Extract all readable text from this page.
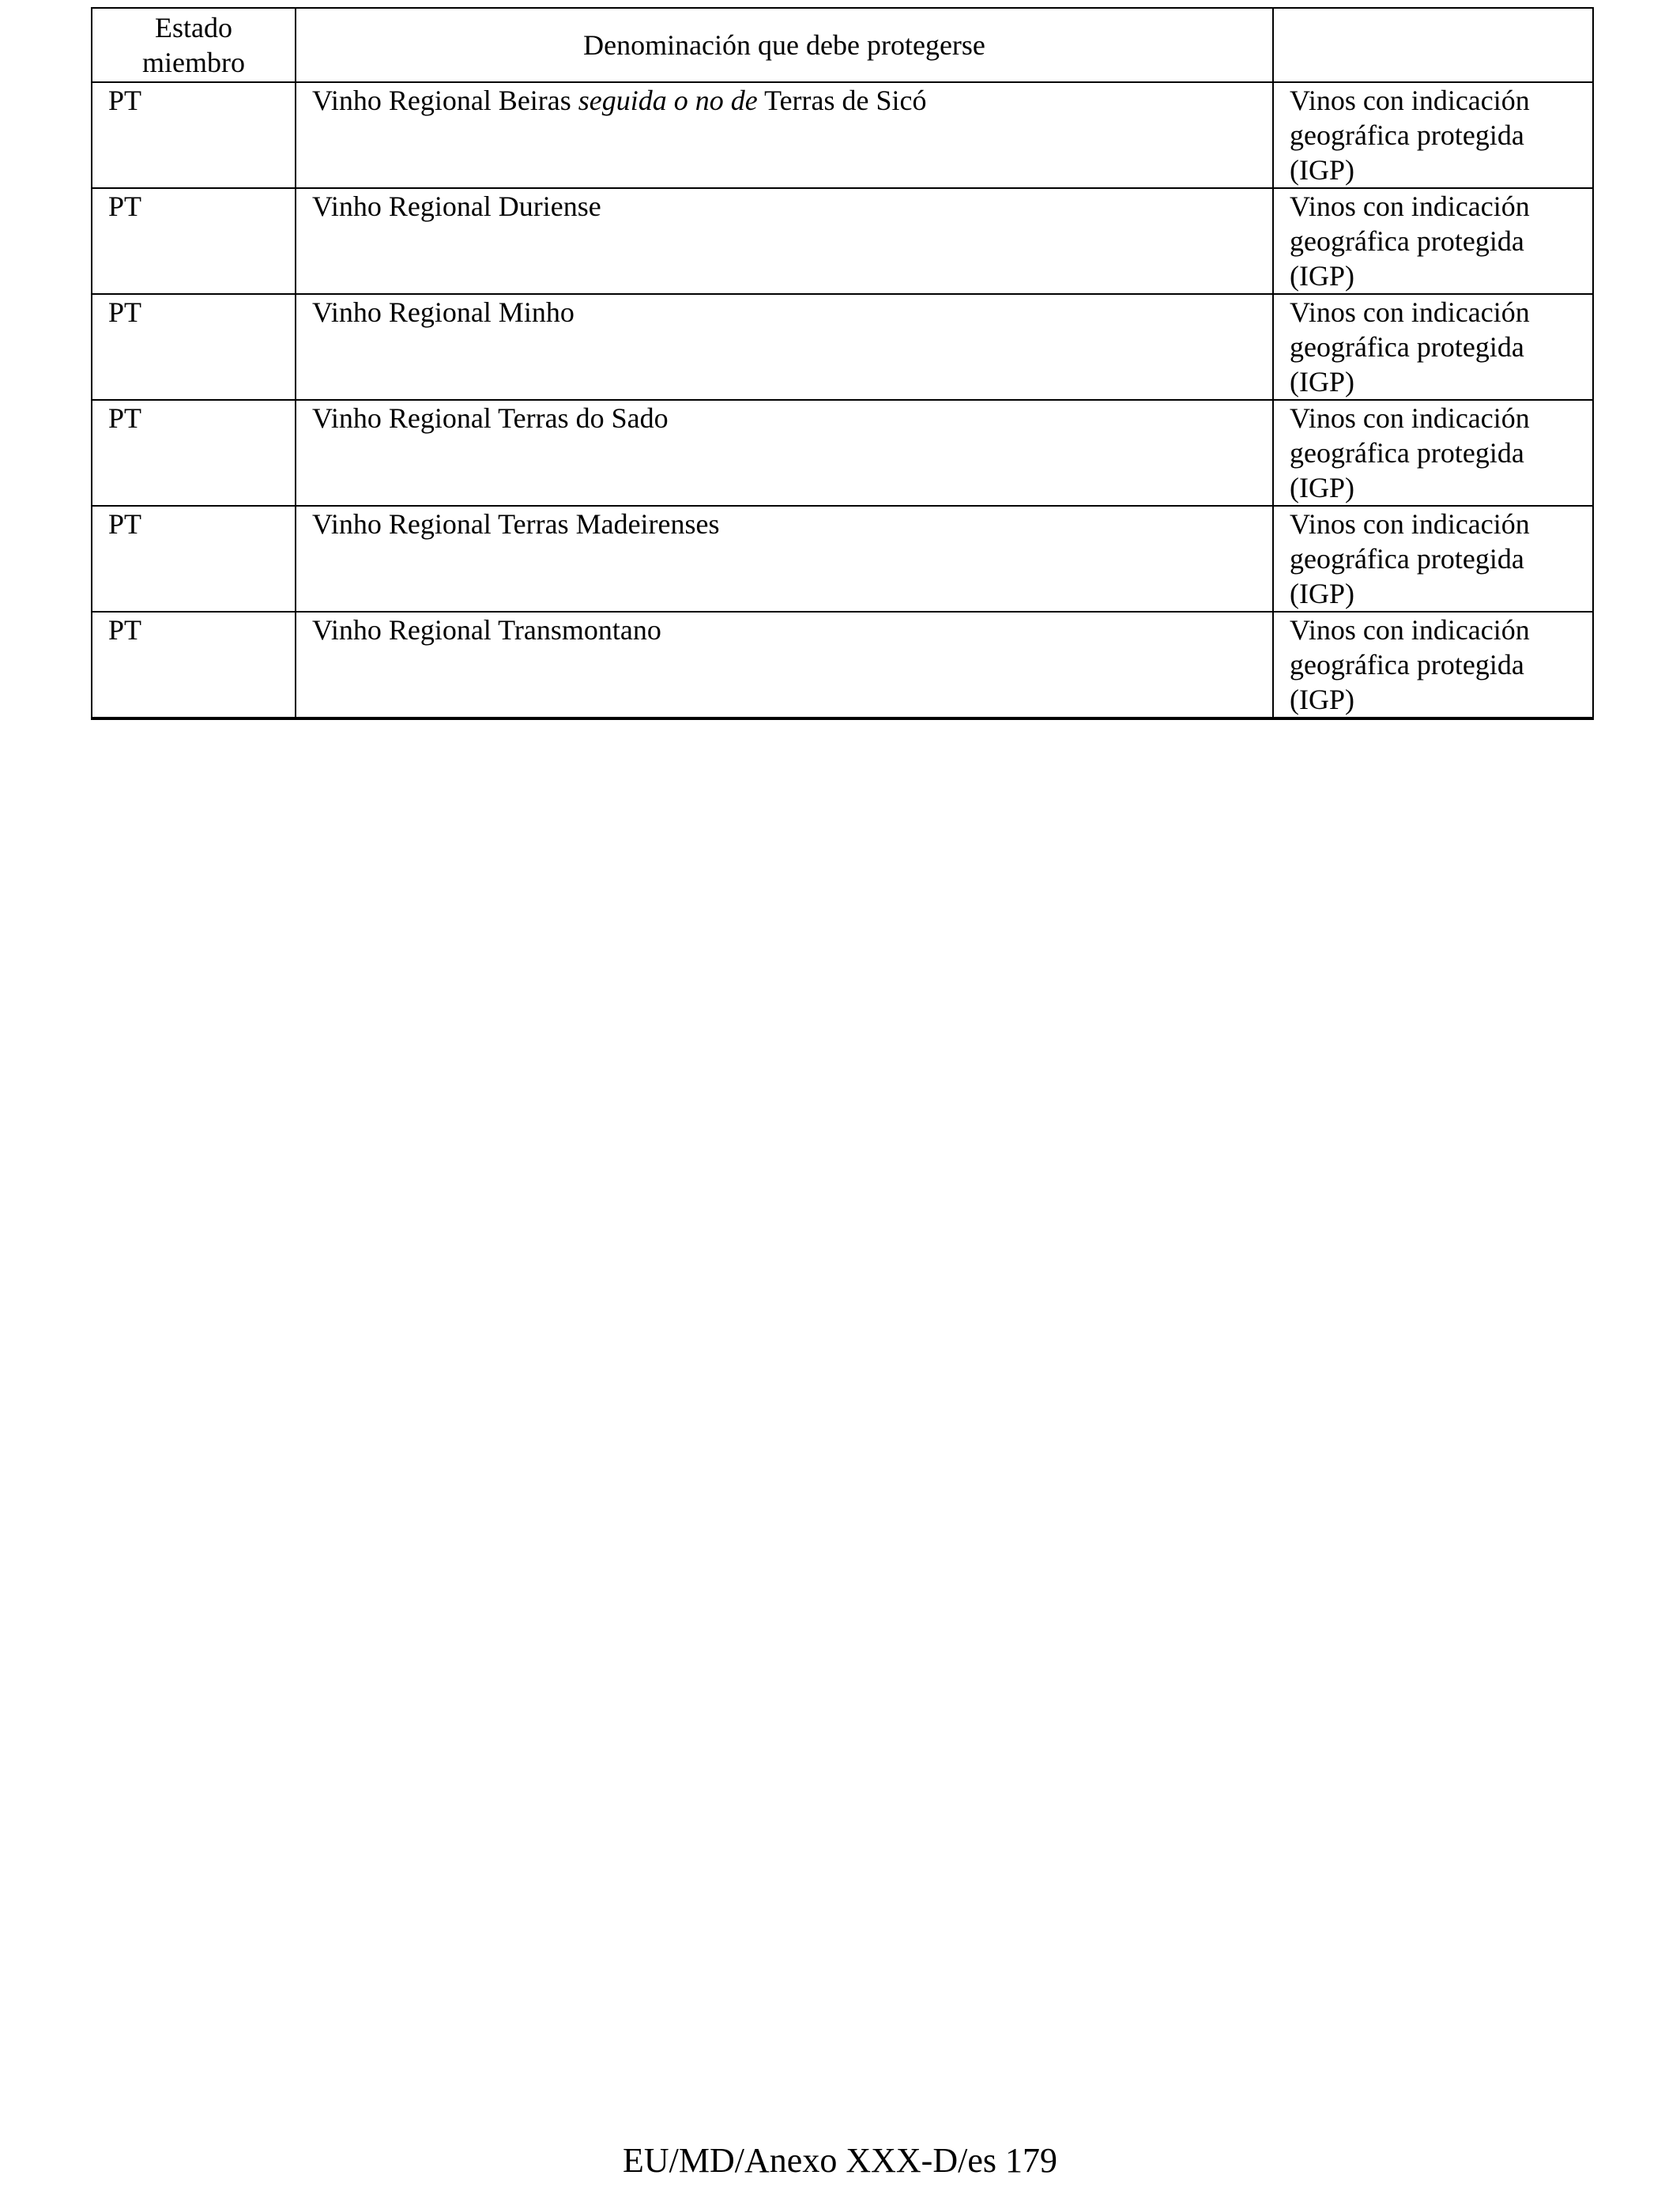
Estado
miembro	Denominación que debe protegerse	
PT	Vinho Regional Beiras seguida o no de Terras de Sicó	Vinos con indicación
geográfica protegida
(IGP)

PT	Vinho Regional Duriense	Vinos con indicación
geográfica protegida
(IGP)

PT	Vinho Regional Minho	Vinos con indicación
geográfica protegida
(IGP)

PT	Vinho Regional Terras do Sado	Vinos con indicación
geográfica protegida
(IGP)

PT	Vinho Regional Terras Madeirenses	Vinos con indicación
geográfica protegida
(IGP)

PT	Vinho Regional Transmontano	Vinos con indicación
geográfica protegida
(IGP)
EU/MD/Anexo XXX-D/es 179
